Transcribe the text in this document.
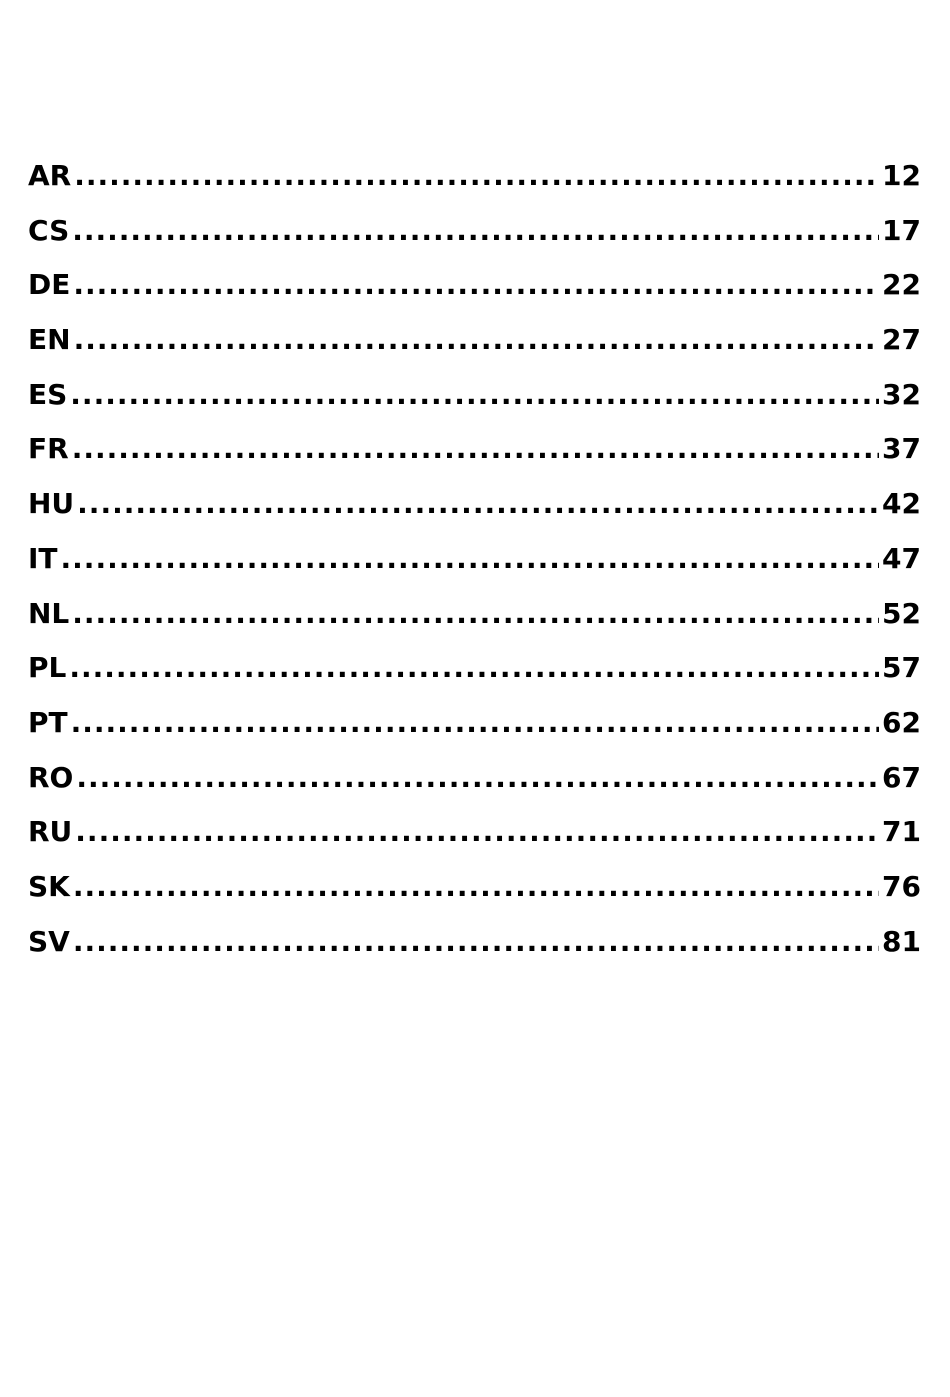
AR .....	12
CS .....	17
DE .....	22
EN .....	27
ES .....	32
FR .....	37
HU .....	42
IT .....	47
NL .....	52
PL .....	57
PT .....	62
RO .....	67
RU .....	71
SK .....	76
SV .....	81
